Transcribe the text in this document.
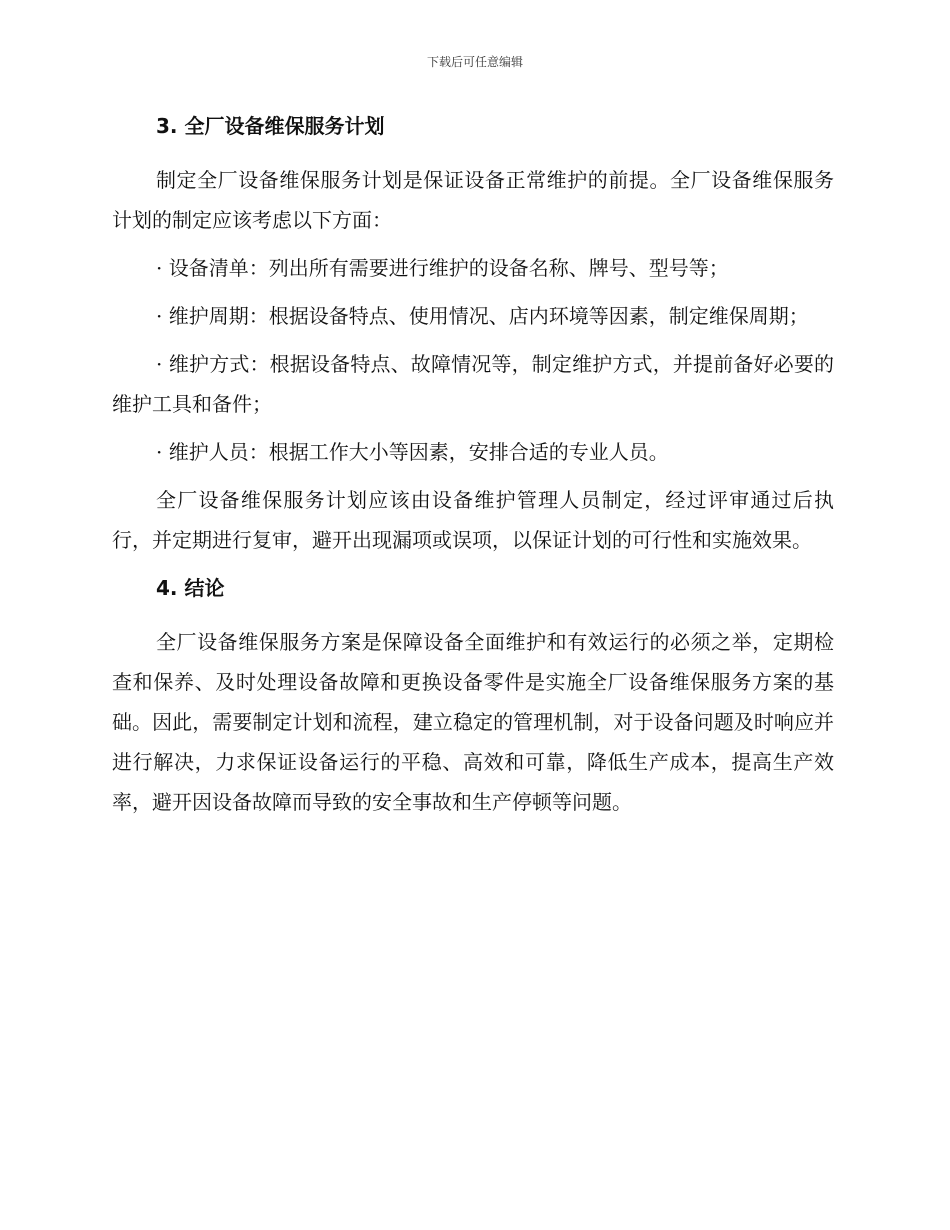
下载后可任意编辑
3. 全厂设备维保服务计划

制定全厂设备维保服务计划是保证设备正常维护的前提。全厂设备维保服务计划的制定应该考虑以下方面：

· 设备清单：列出所有需要进行维护的设备名称、牌号、型号等；

· 维护周期：根据设备特点、使用情况、店内环境等因素，制定维保周期；

· 维护方式：根据设备特点、故障情况等，制定维护方式，并提前备好必要的维护工具和备件；

· 维护人员：根据工作大小等因素，安排合适的专业人员。

全厂设备维保服务计划应该由设备维护管理人员制定，经过评审通过后执行，并定期进行复审，避开出现漏项或误项，以保证计划的可行性和实施效果。

4. 结论

全厂设备维保服务方案是保障设备全面维护和有效运行的必须之举，定期检查和保养、及时处理设备故障和更换设备零件是实施全厂设备维保服务方案的基础。因此，需要制定计划和流程，建立稳定的管理机制，对于设备问题及时响应并进行解决，力求保证设备运行的平稳、高效和可靠，降低生产成本，提高生产效率，避开因设备故障而导致的安全事故和生产停顿等问题。
